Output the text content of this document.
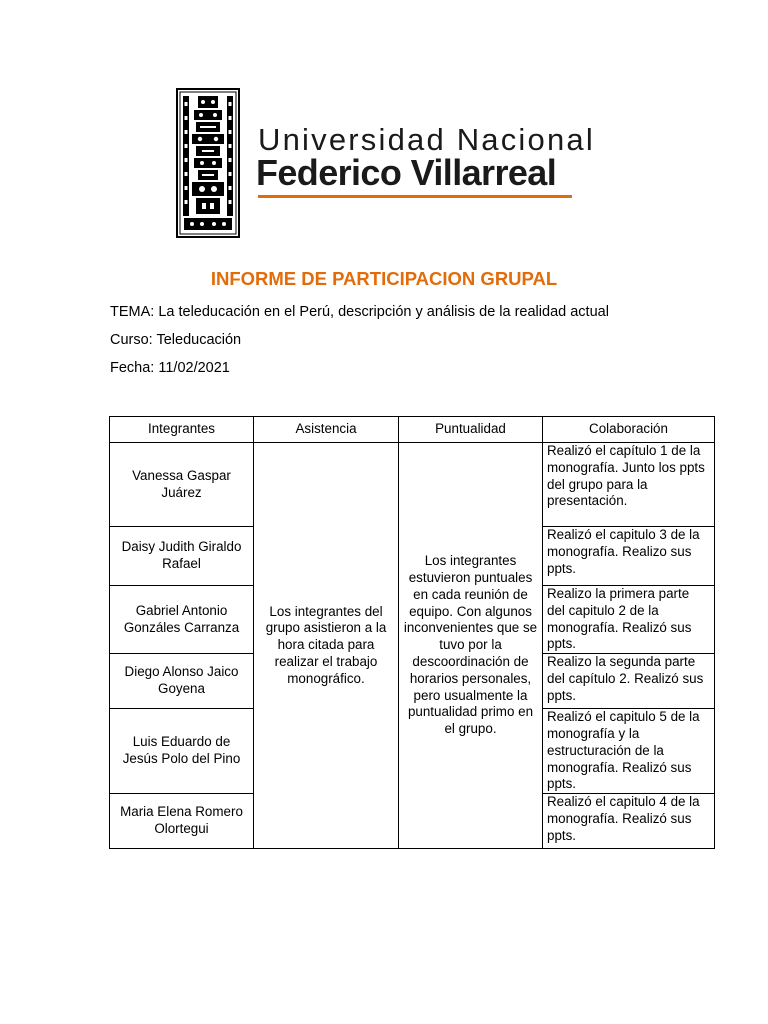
Universidad Nacional
Federico Villarreal
INFORME DE PARTICIPACION GRUPAL
TEMA: La teleducación en el Perú, descripción y análisis de la realidad actual
Curso: Teleducación
Fecha: 11/02/2021
Integrantes	Asistencia	Puntualidad	Colaboración
Vanessa Gaspar Juárez	Los integrantes del grupo asistieron a la hora citada para realizar el trabajo monográfico.	Los integrantes estuvieron puntuales en cada reunión de equipo. Con algunos inconvenientes que se tuvo por la descoordinación de horarios personales, pero usualmente la puntualidad primo en el grupo.	Realizó el capítulo 1 de la monografía. Junto los ppts del grupo para la presentación.
Daisy Judith Giraldo Rafael			Realizó el capitulo 3 de la monografía. Realizo sus ppts.
Gabriel Antonio Gonzáles Carranza			Realizo la primera parte del capitulo 2 de la monografía. Realizó sus ppts.
Diego Alonso Jaico Goyena			Realizo la segunda parte del capítulo 2. Realizó sus ppts.
Luis Eduardo de Jesús Polo del Pino			Realizó el capitulo 5 de la monografía y la estructuración de la monografía. Realizó sus ppts.
Maria Elena Romero Olortegui			Realizó el capitulo 4 de la monografía. Realizó sus ppts.
